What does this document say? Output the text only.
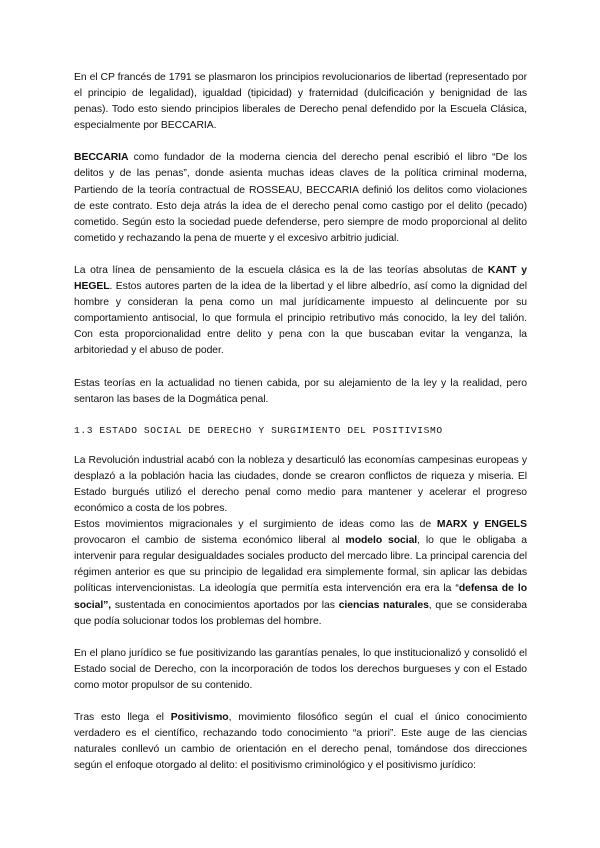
En el CP francés de 1791 se plasmaron los principios revolucionarios de libertad (representado por el principio de legalidad), igualdad (tipicidad) y fraternidad (dulcificación y benignidad de las penas). Todo esto siendo principios liberales de Derecho penal defendido por la Escuela Clásica, especialmente por BECCARIA.

BECCARIA como fundador de la moderna ciencia del derecho penal escribió el libro “De los delitos y de las penas”, donde asienta muchas ideas claves de la política criminal moderna, Partiendo de la teoría contractual de ROSSEAU, BECCARIA definió los delitos como violaciones de este contrato. Esto deja atrás la idea de el derecho penal como castigo por el delito (pecado) cometido. Según esto la sociedad puede defenderse, pero siempre de modo proporcional al delito cometido y rechazando la pena de muerte y el excesivo arbitrio judicial.

La otra línea de pensamiento de la escuela clásica es la de las teorías absolutas de KANT y HEGEL. Estos autores parten de la idea de la libertad y el libre albedrío, así como la dignidad del hombre y consideran la pena como un mal jurídicamente impuesto al delincuente por su comportamiento antisocial, lo que formula el principio retributivo más conocido, la ley del talión. Con esta proporcionalidad entre delito y pena con la que buscaban evitar la venganza, la arbitoriedad y el abuso de poder.

Estas teorías en la actualidad no tienen cabida, por su alejamiento de la ley y la realidad, pero sentaron las bases de la Dogmática penal.

1.3 ESTADO SOCIAL DE DERECHO Y SURGIMIENTO DEL POSITIVISMO

La Revolución industrial acabó con la nobleza y desarticuló las economías campesinas europeas y desplazó a la población hacia las ciudades, donde se crearon conflictos de riqueza y miseria. El Estado burgués utilizó el derecho penal como medio para mantener y acelerar el progreso económico a costa de los pobres.

Estos movimientos migracionales y el surgimiento de ideas como las de MARX y ENGELS provocaron el cambio de sistema económico liberal al modelo social, lo que le obligaba a intervenir para regular desigualdades sociales producto del mercado libre. La principal carencia del régimen anterior es que su principio de legalidad era simplemente formal, sin aplicar las debidas políticas intervencionistas. La ideología que permitía esta intervención era era la “defensa de lo social”, sustentada en conocimientos aportados por las ciencias naturales, que se consideraba que podía solucionar todos los problemas del hombre.

En el plano jurídico se fue positivizando las garantías penales, lo que institucionalizó y consolidó el Estado social de Derecho, con la incorporación de todos los derechos burgueses y con el Estado como motor propulsor de su contenido.

Tras esto llega el Positivismo, movimiento filosófico según el cual el único conocimiento verdadero es el científico, rechazando todo conocimiento “a priori”. Este auge de las ciencias naturales conllevó un cambio de orientación en el derecho penal, tomándose dos direcciones según el enfoque otorgado al delito: el positivismo criminológico y el positivismo jurídico:
